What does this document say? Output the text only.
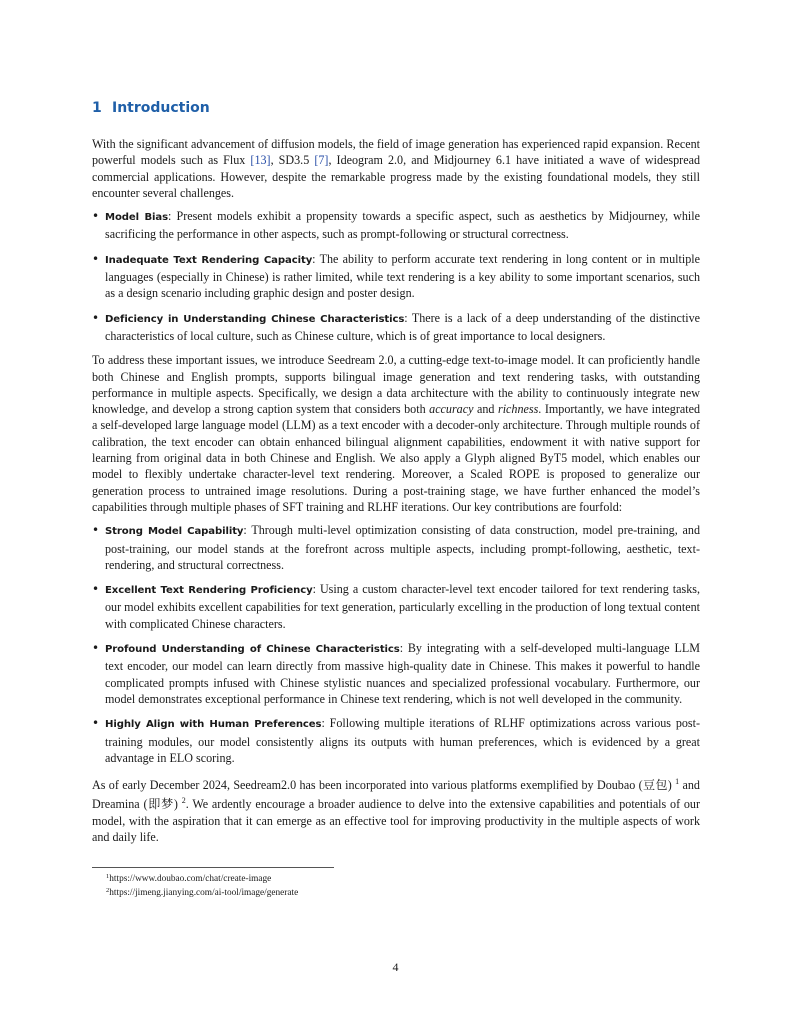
1 Introduction

With the significant advancement of diffusion models, the field of image generation has experienced rapid expansion. Recent powerful models such as Flux [13], SD3.5 [7], Ideogram 2.0, and Midjourney 6.1 have initiated a wave of widespread commercial applications. However, despite the remarkable progress made by the existing foundational models, they still encounter several challenges.

• Model Bias: Present models exhibit a propensity towards a specific aspect, such as aesthetics by Midjourney, while sacrificing the performance in other aspects, such as prompt-following or structural correctness.
• Inadequate Text Rendering Capacity: The ability to perform accurate text rendering in long content or in multiple languages (especially in Chinese) is rather limited, while text rendering is a key ability to some important scenarios, such as a design scenario including graphic design and poster design.
• Deficiency in Understanding Chinese Characteristics: There is a lack of a deep understanding of the distinctive characteristics of local culture, such as Chinese culture, which is of great importance to local designers.

To address these important issues, we introduce Seedream 2.0, a cutting-edge text-to-image model. It can proficiently handle both Chinese and English prompts, supports bilingual image generation and text rendering tasks, with outstanding performance in multiple aspects. Specifically, we design a data architecture with the ability to continuously integrate new knowledge, and develop a strong caption system that considers both accuracy and richness. Importantly, we have integrated a self-developed large language model (LLM) as a text encoder with a decoder-only architecture. Through multiple rounds of calibration, the text encoder can obtain enhanced bilingual alignment capabilities, endowment it with native support for learning from original data in both Chinese and English. We also apply a Glyph aligned ByT5 model, which enables our model to flexibly undertake character-level text rendering. Moreover, a Scaled ROPE is proposed to generalize our generation process to untrained image resolutions. During a post-training stage, we have further enhanced the model’s capabilities through multiple phases of SFT training and RLHF iterations. Our key contributions are fourfold:

• Strong Model Capability: Through multi-level optimization consisting of data construction, model pre-training, and post-training, our model stands at the forefront across multiple aspects, including prompt-following, aesthetic, text-rendering, and structural correctness.
• Excellent Text Rendering Proficiency: Using a custom character-level text encoder tailored for text rendering tasks, our model exhibits excellent capabilities for text generation, particularly excelling in the production of long textual content with complicated Chinese characters.
• Profound Understanding of Chinese Characteristics: By integrating with a self-developed multi-language LLM text encoder, our model can learn directly from massive high-quality date in Chinese. This makes it powerful to handle complicated prompts infused with Chinese stylistic nuances and specialized professional vocabulary. Furthermore, our model demonstrates exceptional performance in Chinese text rendering, which is not well developed in the community.
• Highly Align with Human Preferences: Following multiple iterations of RLHF optimizations across various post-training modules, our model consistently aligns its outputs with human preferences, which is evidenced by a great advantage in ELO scoring.

As of early December 2024, Seedream2.0 has been incorporated into various platforms exemplified by Doubao (豆包) $^1$ and Dreamina (即梦) $^2$. We ardently encourage a broader audience to delve into the extensive capabilities and potentials of our model, with the aspiration that it can emerge as an effective tool for improving productivity in the multiple aspects of work and daily life.

$^1$https://www.doubao.com/chat/create-image
$^2$https://jimeng.jianying.com/ai-tool/image/generate
4
